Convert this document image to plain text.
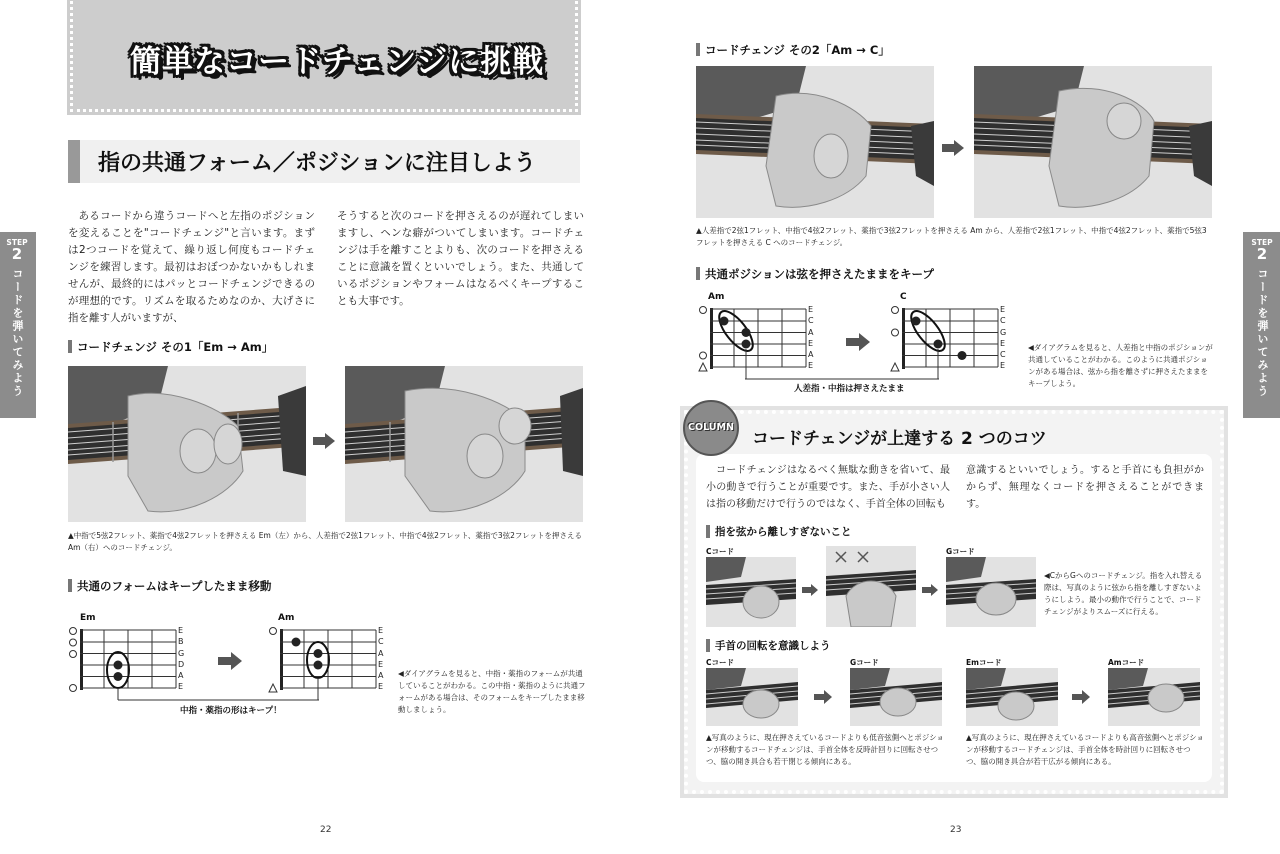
簡単なコードチェンジに挑戦
指の共通フォーム／ポジションに注目しよう
あるコードから違うコードへと左指のポジションを変えることを"コードチェンジ"と言います。まずは2つコードを覚えて、繰り返し何度もコードチェンジを練習します。最初はおぼつかないかもしれませんが、最終的にはパッとコードチェンジできるのが理想的です。リズムを取るためなのか、大げさに指を離す人がいますが、
そうすると次のコードを押さえるのが遅れてしまいますし、ヘンな癖がついてしまいます。コードチェンジは手を離すことよりも、次のコードを押さえることに意識を置くといいでしょう。また、共通しているポジションやフォームはなるべくキープすることも大事です。
コードチェンジ その1「Em → Am」
▲中指で5弦2フレット、薬指で4弦2フレットを押さえる Em（左）から、人差指で2弦1フレット、中指で4弦2フレット、薬指で3弦2フレットを押さえる Am（右）へのコードチェンジ。
共通のフォームはキープしたまま移動
Em
E
B
G
D
A
E
Am
E
C
A
E
A
E
中指・薬指の形はキープ！
◀ダイアグラムを見ると、中指・薬指のフォームが共通していることがわかる。この中指・薬指のように共通フォームがある場合は、そのフォームをキープしたまま移動しましょう。
22
STEP
2
コードを弾いてみよう
コードチェンジ その2「Am → C」
▲人差指で2弦1フレット、中指で4弦2フレット、薬指で3弦2フレットを押さえる Am から、人差指で2弦1フレット、中指で4弦2フレット、薬指で5弦3フレットを押さえる C へのコードチェンジ。
共通ポジションは弦を押さえたままをキープ
Am
E
C
A
E
A
E
C
E
C
G
E
C
E
人差指・中指は押さえたまま
◀ダイアグラムを見ると、人差指と中指のポジションが共通していることがわかる。このように共通ポジションがある場合は、弦から指を離さずに押さえたままをキープしよう。
COLUMN
コードチェンジが上達する 2 つのコツ
コードチェンジはなるべく無駄な動きを省いて、最小の動きで行うことが重要です。また、手が小さい人は指の移動だけで行うのではなく、手首全体の回転も
意識するといいでしょう。すると手首にも負担がかからず、無理なくコードを押さえることができます。
指を弦から離しすぎないこと
Cコード	Gコード
◀CからGへのコードチェンジ。指を入れ替える際は、写真のように弦から指を離しすぎないようにしよう。最小の動作で行うことで、コードチェンジがよりスムーズに行える。
手首の回転を意識しよう
Cコード	Gコード	Emコード	Amコード
▲写真のように、現在押さえているコードよりも低音弦側へとポジションが移動するコードチェンジは、手首全体を反時計回りに回転させつつ、脇の開き具合も若干閉じる傾向にある。
▲写真のように、現在押さえているコードよりも高音弦側へとポジションが移動するコードチェンジは、手首全体を時計回りに回転させつつ、脇の開き具合が若干広がる傾向にある。
23
STEP
2
コードを弾いてみよう
